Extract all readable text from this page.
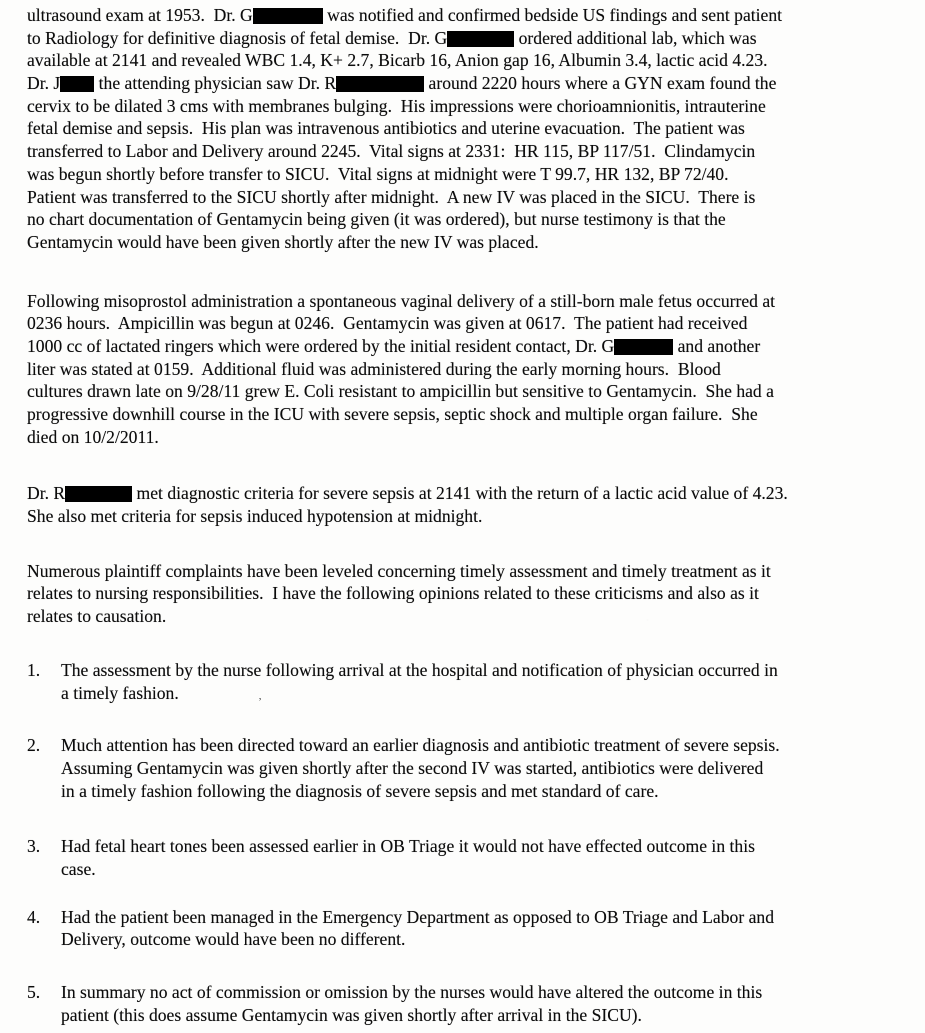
ultrasound exam at 1953.  Dr. G	was notified and confirmed bedside US findings and sent patient
to Radiology for definitive diagnosis of fetal demise.  Dr. G	ordered additional lab, which was
available at 2141 and revealed WBC 1.4, K+ 2.7, Bicarb 16, Anion gap 16, Albumin 3.4, lactic acid 4.23.
Dr. J the attending physician saw Dr. R	around 2220 hours where a GYN exam found the
cervix to be dilated 3 cms with membranes bulging.  His impressions were chorioamnionitis, intrauterine
fetal demise and sepsis.  His plan was intravenous antibiotics and uterine evacuation.  The patient was
transferred to Labor and Delivery around 2245.  Vital signs at 2331:  HR 115, BP 117/51.  Clindamycin
was begun shortly before transfer to SICU.  Vital signs at midnight were T 99.7, HR 132, BP 72/40.
Patient was transferred to the SICU shortly after midnight.  A new IV was placed in the SICU.  There is
no chart documentation of Gentamycin being given (it was ordered), but nurse testimony is that the
Gentamycin would have been given shortly after the new IV was placed.
Following misoprostol administration a spontaneous vaginal delivery of a still-born male fetus occurred at
0236 hours.  Ampicillin was begun at 0246.  Gentamycin was given at 0617.  The patient had received
1000 cc of lactated ringers which were ordered by the initial resident contact, Dr. G	and another
liter was stated at 0159.  Additional fluid was administered during the early morning hours.  Blood
cultures drawn late on 9/28/11 grew E. Coli resistant to ampicillin but sensitive to Gentamycin.  She had a
progressive downhill course in the ICU with severe sepsis, septic shock and multiple organ failure.  She
died on 10/2/2011.
Dr. R	met diagnostic criteria for severe sepsis at 2141 with the return of a lactic acid value of 4.23.
She also met criteria for sepsis induced hypotension at midnight.
Numerous plaintiff complaints have been leveled concerning timely assessment and timely treatment as it
relates to nursing responsibilities.  I have the following opinions related to these criticisms and also as it
relates to causation.
1.	The assessment by the nurse following arrival at the hospital and notification of physician occurred in
a timely fashion.	,
2.	Much attention has been directed toward an earlier diagnosis and antibiotic treatment of severe sepsis.
Assuming Gentamycin was given shortly after the second IV was started, antibiotics were delivered
in a timely fashion following the diagnosis of severe sepsis and met standard of care.
3.	Had fetal heart tones been assessed earlier in OB Triage it would not have effected outcome in this
case.
4.	Had the patient been managed in the Emergency Department as opposed to OB Triage and Labor and
Delivery, outcome would have been no different.
5.	In summary no act of commission or omission by the nurses would have altered the outcome in this
patient (this does assume Gentamycin was given shortly after arrival in the SICU).
